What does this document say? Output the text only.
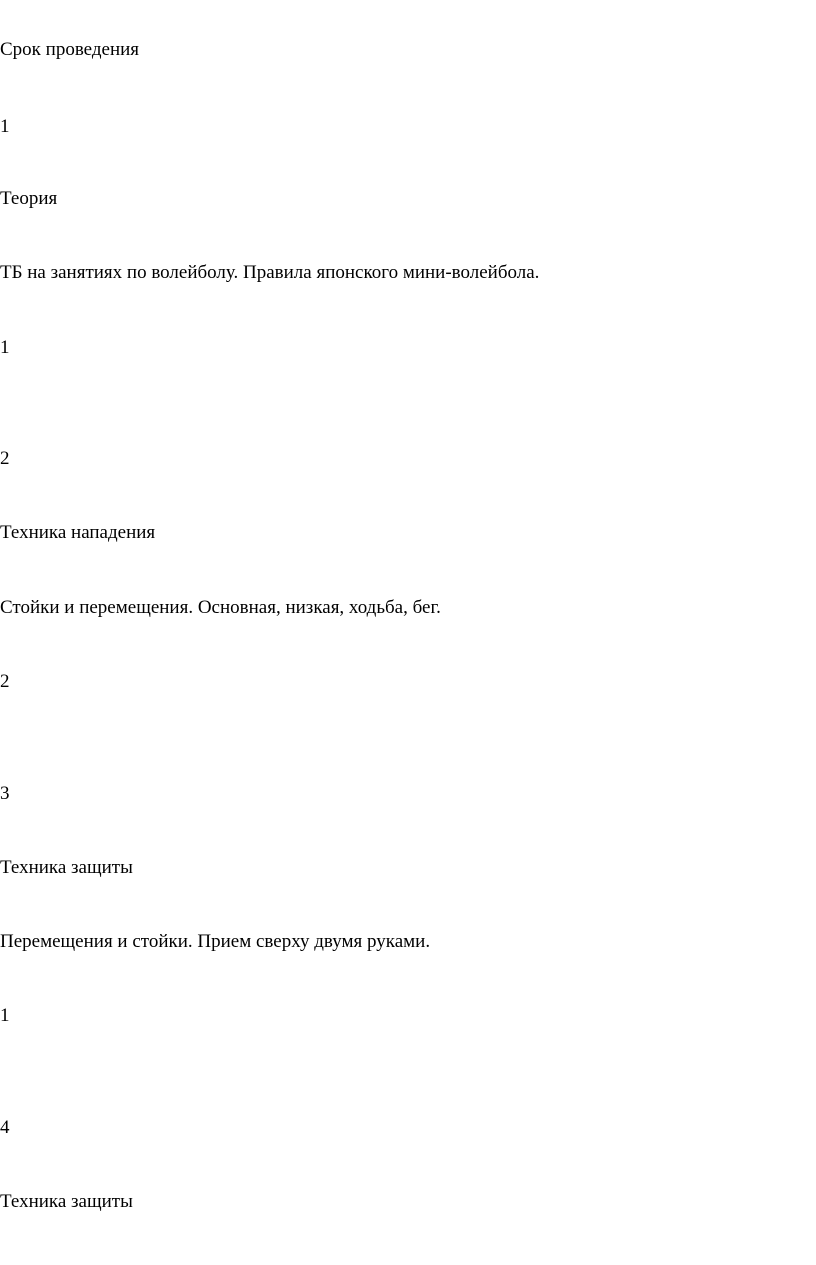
Срок проведения
1
Теория
ТБ на занятиях по волейболу. Правила японского мини-волейбола.
1
2
Техника нападения
Стойки и перемещения. Основная, низкая, ходьба, бег.
2
3
Техника защиты
Перемещения и стойки. Прием сверху двумя руками.
1
4
Техника защиты
